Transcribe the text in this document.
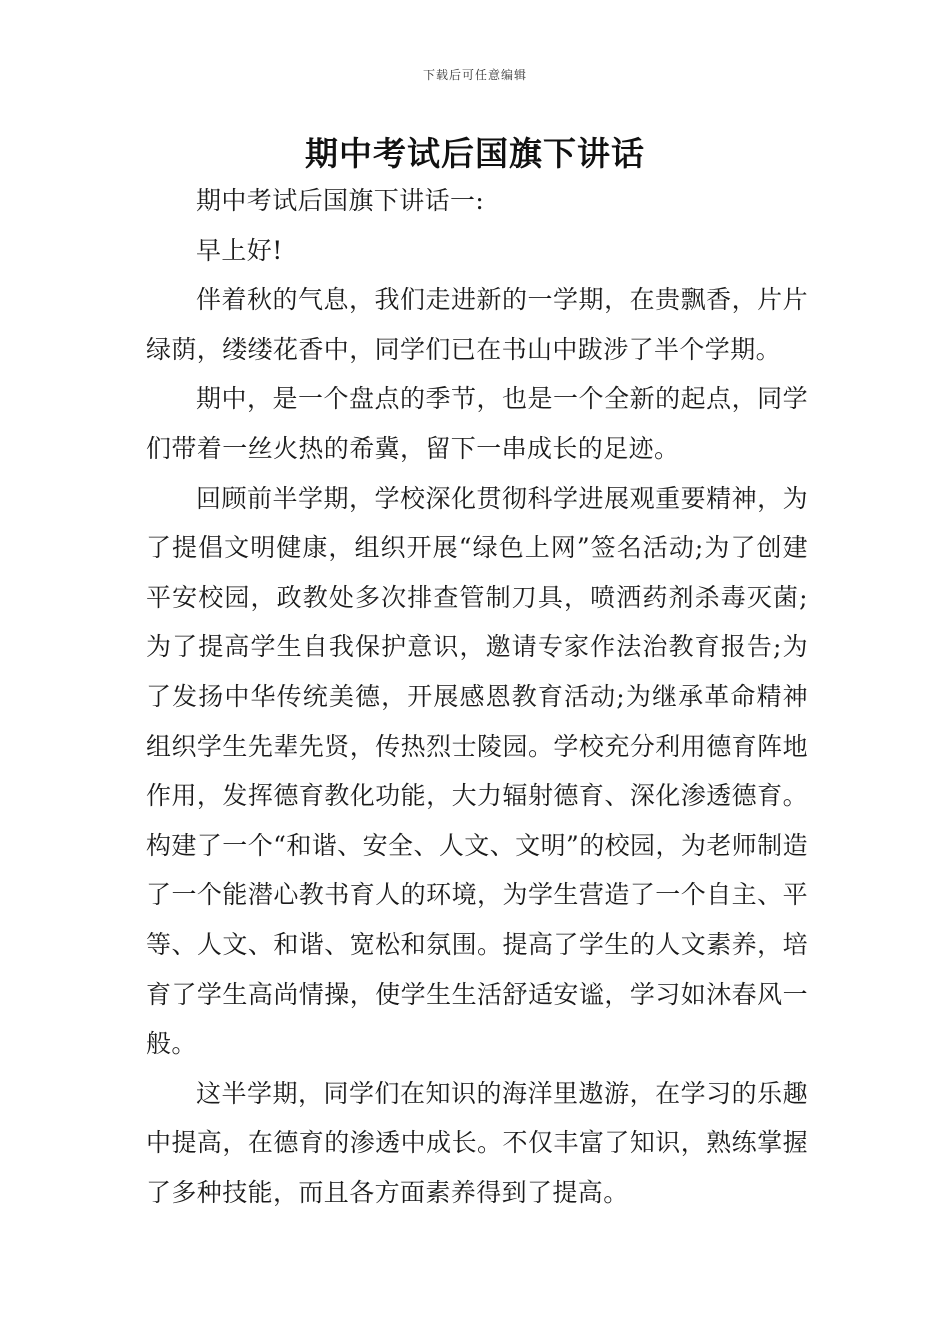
下载后可任意编辑
期中考试后国旗下讲话

期中考试后国旗下讲话一:

早上好!

伴着秋的气息，我们走进新的一学期，在贵飘香，片片绿荫，缕缕花香中，同学们已在书山中跋涉了半个学期。

期中，是一个盘点的季节，也是一个全新的起点，同学们带着一丝火热的希冀，留下一串成长的足迹。

回顾前半学期，学校深化贯彻科学进展观重要精神，为了提倡文明健康，组织开展“绿色上网”签名活动;为了创建平安校园，政教处多次排查管制刀具，喷洒药剂杀毒灭菌;为了提高学生自我保护意识，邀请专家作法治教育报告;为了发扬中华传统美德，开展感恩教育活动;为继承革命精神组织学生先辈先贤，传热烈士陵园。学校充分利用德育阵地作用，发挥德育教化功能，大力辐射德育、深化渗透德育。构建了一个“和谐、安全、人文、文明”的校园，为老师制造了一个能潜心教书育人的环境，为学生营造了一个自主、平等、人文、和谐、宽松和氛围。提高了学生的人文素养，培育了学生高尚情操，使学生生活舒适安谧，学习如沐春风一般。

这半学期，同学们在知识的海洋里遨游，在学习的乐趣中提高，在德育的渗透中成长。不仅丰富了知识，熟练掌握了多种技能，而且各方面素养得到了提高。
